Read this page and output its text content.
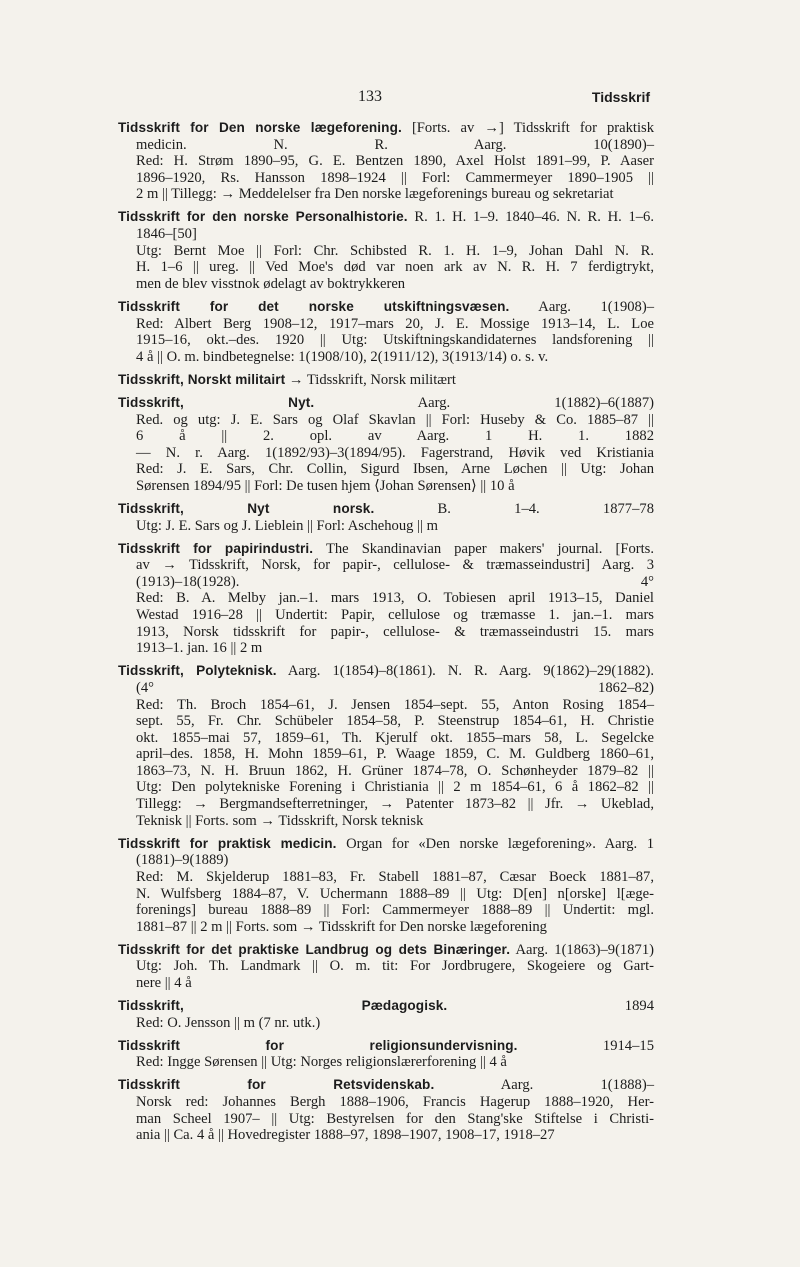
133	Tidsskrif
Tidsskrift for Den norske lægeforening. [Forts. av →] Tidsskrift for praktisk
medicin. N. R. Aarg. 10(1890)–
Red: H. Strøm 1890–95, G. E. Bentzen 1890, Axel Holst 1891–99, P. Aaser
1896–1920, Rs. Hansson 1898–1924 || Forl: Cammermeyer 1890–1905 ||
2 m || Tillegg: → Meddelelser fra Den norske lægeforenings bureau og sekretariat
Tidsskrift for den norske Personalhistorie. R. 1. H. 1–9. 1840–46. N. R. H. 1–6.
1846–[50]
Utg: Bernt Moe || Forl: Chr. Schibsted R. 1. H. 1–9, Johan Dahl N. R.
H. 1–6 || ureg. || Ved Moe's død var noen ark av N. R. H. 7 ferdigtrykt,
men de blev visstnok ødelagt av boktrykkeren
Tidsskrift for det norske utskiftningsvæsen. Aarg. 1(1908)–
Red: Albert Berg 1908–12, 1917–mars 20, J. E. Mossige 1913–14, L. Loe
1915–16, okt.–des. 1920 || Utg: Utskiftningskandidaternes landsforening ||
4 å || O. m. bindbetegnelse: 1(1908/10), 2(1911/12), 3(1913/14) o. s. v.
Tidsskrift, Norskt militairt → Tidsskrift, Norsk militært
Tidsskrift, Nyt. Aarg. 1(1882)–6(1887)
Red. og utg: J. E. Sars og Olaf Skavlan || Forl: Huseby & Co. 1885–87 ||
6 å || 2. opl. av Aarg. 1 H. 1. 1882
— N. r. Aarg. 1(1892/93)–3(1894/95). Fagerstrand, Høvik ved Kristiania
Red: J. E. Sars, Chr. Collin, Sigurd Ibsen, Arne Løchen || Utg: Johan
Sørensen 1894/95 || Forl: De tusen hjem ⟨Johan Sørensen⟩ || 10 å
Tidsskrift, Nyt norsk. B. 1–4. 1877–78
Utg: J. E. Sars og J. Lieblein || Forl: Aschehoug || m
Tidsskrift for papirindustri. The Skandinavian paper makers' journal. [Forts.
av → Tidsskrift, Norsk, for papir-, cellulose- & træmasseindustri] Aarg. 3
(1913)–18(1928). 4°
Red: B. A. Melby jan.–1. mars 1913, O. Tobiesen april 1913–15, Daniel
Westad 1916–28 || Undertit: Papir, cellulose og træmasse 1. jan.–1. mars
1913, Norsk tidsskrift for papir-, cellulose- & træmasseindustri 15. mars
1913–1. jan. 16 || 2 m
Tidsskrift, Polyteknisk. Aarg. 1(1854)–8(1861). N. R. Aarg. 9(1862)–29(1882).
(4° 1862–82)
Red: Th. Broch 1854–61, J. Jensen 1854–sept. 55, Anton Rosing 1854–
sept. 55, Fr. Chr. Schübeler 1854–58, P. Steenstrup 1854–61, H. Christie
okt. 1855–mai 57, 1859–61, Th. Kjerulf okt. 1855–mars 58, L. Segelcke
april–des. 1858, H. Mohn 1859–61, P. Waage 1859, C. M. Guldberg 1860–61,
1863–73, N. H. Bruun 1862, H. Grüner 1874–78, O. Schønheyder 1879–82 ||
Utg: Den polytekniske Forening i Christiania || 2 m 1854–61, 6 å 1862–82 ||
Tillegg: → Bergmandsefterretninger, → Patenter 1873–82 || Jfr. → Ukeblad,
Teknisk || Forts. som → Tidsskrift, Norsk teknisk
Tidsskrift for praktisk medicin. Organ for «Den norske lægeforening». Aarg. 1
(1881)–9(1889)
Red: M. Skjelderup 1881–83, Fr. Stabell 1881–87, Cæsar Boeck 1881–87,
N. Wulfsberg 1884–87, V. Uchermann 1888–89 || Utg: D[en] n[orske] l[æge-
forenings] bureau 1888–89 || Forl: Cammermeyer 1888–89 || Undertit: mgl.
1881–87 || 2 m || Forts. som → Tidsskrift for Den norske lægeforening
Tidsskrift for det praktiske Landbrug og dets Binæringer. Aarg. 1(1863)–9(1871)
Utg: Joh. Th. Landmark || O. m. tit: For Jordbrugere, Skogeiere og Gart-
nere || 4 å
Tidsskrift, Pædagogisk. 1894
Red: O. Jensson || m (7 nr. utk.)
Tidsskrift for religionsundervisning. 1914–15
Red: Ingge Sørensen || Utg: Norges religionslærerforening || 4 å
Tidsskrift for Retsvidenskab. Aarg. 1(1888)–
Norsk red: Johannes Bergh 1888–1906, Francis Hagerup 1888–1920, Her-
man Scheel 1907– || Utg: Bestyrelsen for den Stang'ske Stiftelse i Christi-
ania || Ca. 4 å || Hovedregister 1888–97, 1898–1907, 1908–17, 1918–27
